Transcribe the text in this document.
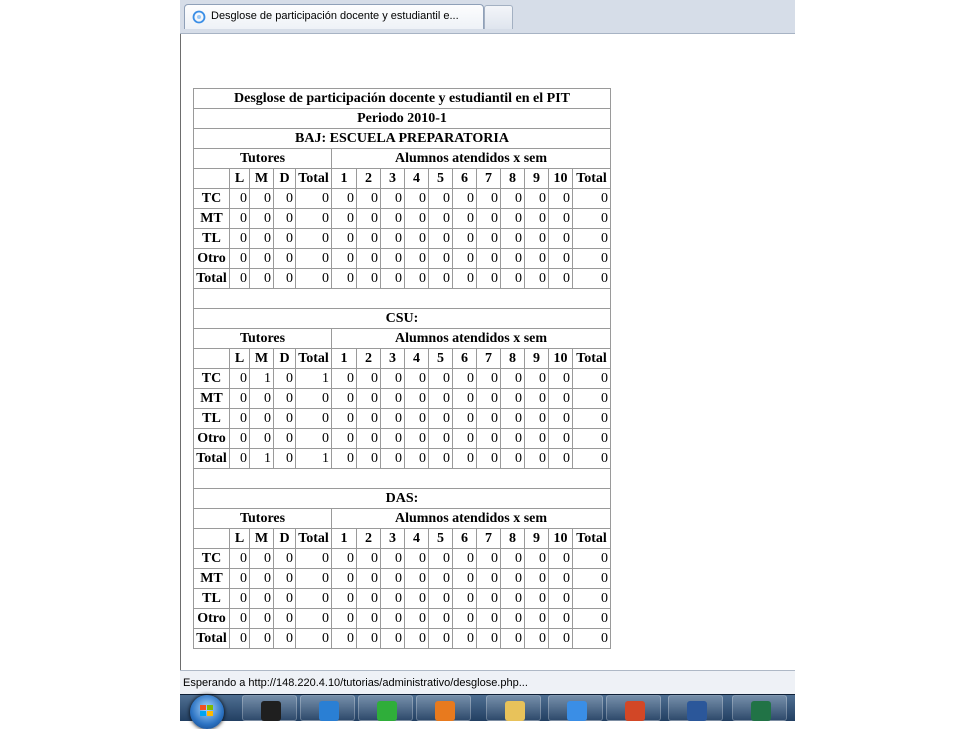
Desglose de participación docente y estudiantil e...
Desglose de participación docente y estudiantil en el PIT															
Periodo 2010-1															
BAJ: ESCUELA PREPARATORIA															
Tutores					Alumnos atendidos x sem										
	L	M	D	Total	1	2	3	4	5	6	7	8	9	10	Total
TC	0	0	0	0	0	0	0	0	0	0	0	0	0	0	0
MT	0	0	0	0	0	0	0	0	0	0	0	0	0	0	0
TL	0	0	0	0	0	0	0	0	0	0	0	0	0	0	0
Otro	0	0	0	0	0	0	0	0	0	0	0	0	0	0	0
Total	0	0	0	0	0	0	0	0	0	0	0	0	0	0	0

CSU:															
Tutores					Alumnos atendidos x sem										
	L	M	D	Total	1	2	3	4	5	6	7	8	9	10	Total
TC	0	1	0	1	0	0	0	0	0	0	0	0	0	0	0
MT	0	0	0	0	0	0	0	0	0	0	0	0	0	0	0
TL	0	0	0	0	0	0	0	0	0	0	0	0	0	0	0
Otro	0	0	0	0	0	0	0	0	0	0	0	0	0	0	0
Total	0	1	0	1	0	0	0	0	0	0	0	0	0	0	0

DAS:															
Tutores					Alumnos atendidos x sem										
	L	M	D	Total	1	2	3	4	5	6	7	8	9	10	Total
TC	0	0	0	0	0	0	0	0	0	0	0	0	0	0	0
MT	0	0	0	0	0	0	0	0	0	0	0	0	0	0	0
TL	0	0	0	0	0	0	0	0	0	0	0	0	0	0	0
Otro	0	0	0	0	0	0	0	0	0	0	0	0	0	0	0
Total	0	0	0	0	0	0	0	0	0	0	0	0	0	0	0
Esperando a http://148.220.4.10/tutorias/administrativo/desglose.php...
